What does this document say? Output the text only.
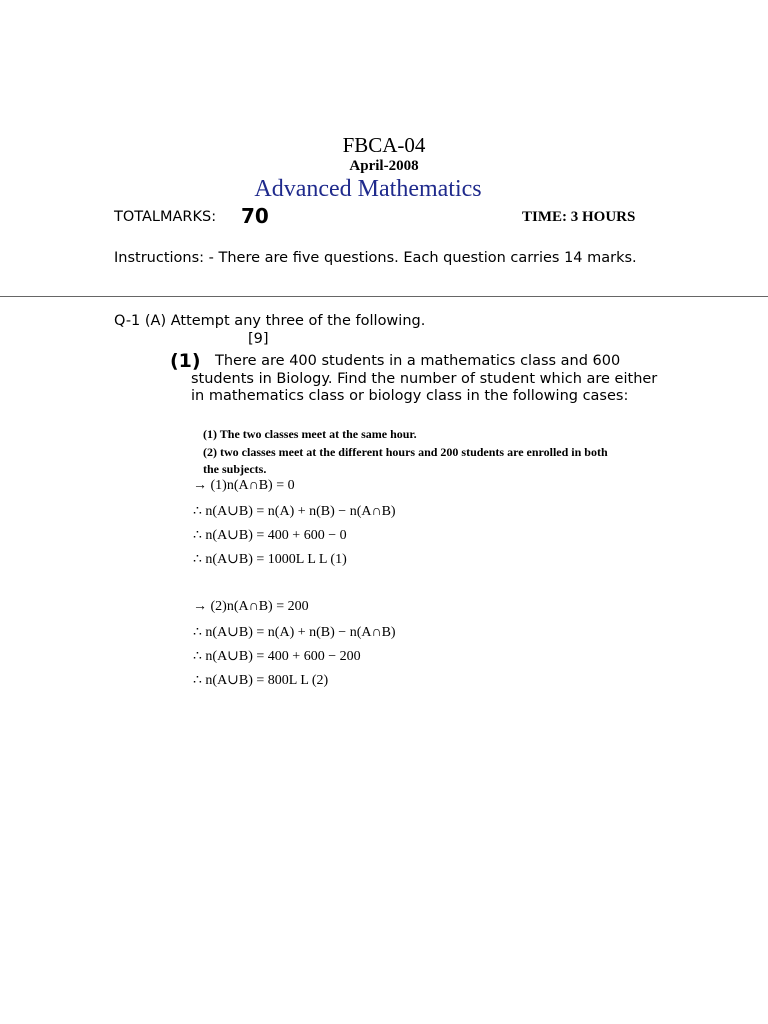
FBCA-04
April-2008
Advanced Mathematics
TOTALMARKS: 70	TIME: 3 HOURS
Instructions: - There are five questions. Each question carries 14 marks.
Q-1 (A) Attempt any three of the following.
[9]
(1) There are 400 students in a mathematics class and 600 students in Biology. Find the number of student which are either in mathematics class or biology class in the following cases:
(1) The two classes meet at the same hour.
(2) two classes meet at the different hours and 200 students are enrolled in both the subjects.
→ (1)n(A∩B) = 0
∴ n(A∪B) = n(A) + n(B) − n(A∩B)
∴ n(A∪B) = 400 + 600 − 0
∴ n(A∪B) = 1000L L L (1)
→ (2)n(A∩B) = 200
∴ n(A∪B) = n(A) + n(B) − n(A∩B)
∴ n(A∪B) = 400 + 600 − 200
∴ n(A∪B) = 800L L (2)
